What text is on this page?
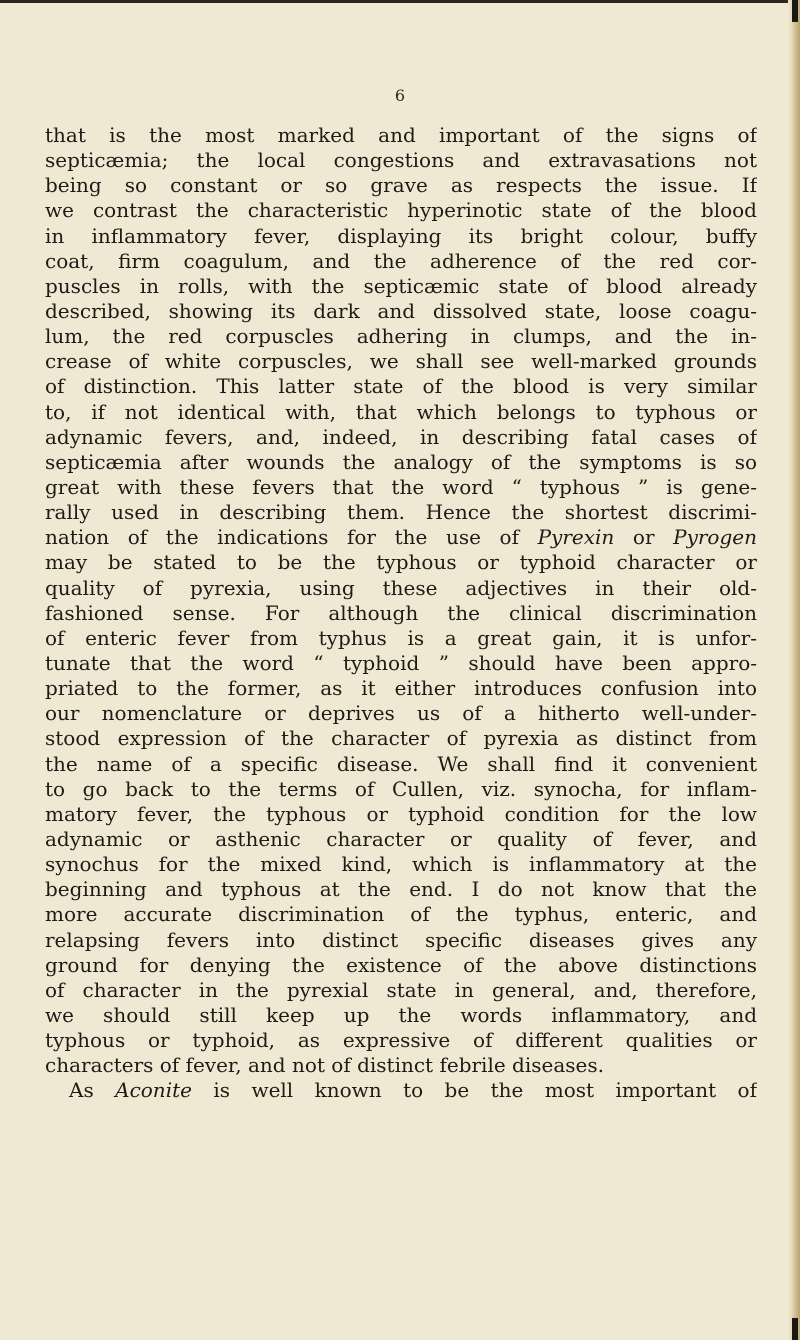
6
that is the most marked and important of the signs of
septicæmia; the local congestions and extravasations not
being so constant or so grave as respects the issue. If
we contrast the characteristic hyperinotic state of the blood
in inflammatory fever, displaying its bright colour, buffy
coat, firm coagulum, and the adherence of the red cor-
puscles in rolls, with the septicæmic state of blood already
described, showing its dark and dissolved state, loose coagu-
lum, the red corpuscles adhering in clumps, and the in-
crease of white corpuscles, we shall see well-marked grounds
of distinction. This latter state of the blood is very similar
to, if not identical with, that which belongs to typhous or
adynamic fevers, and, indeed, in describing fatal cases of
septicæmia after wounds the analogy of the symptoms is so
great with these fevers that the word “ typhous ” is gene-
rally used in describing them. Hence the shortest discrimi-
nation of the indications for the use of Pyrexin or Pyrogen
may be stated to be the typhous or typhoid character or
quality of pyrexia, using these adjectives in their old-
fashioned sense. For although the clinical discrimination
of enteric fever from typhus is a great gain, it is unfor-
tunate that the word “ typhoid ” should have been appro-
priated to the former, as it either introduces confusion into
our nomenclature or deprives us of a hitherto well-under-
stood expression of the character of pyrexia as distinct from
the name of a specific disease. We shall find it convenient
to go back to the terms of Cullen, viz. synocha, for inflam-
matory fever, the typhous or typhoid condition for the low
adynamic or asthenic character or quality of fever, and
synochus for the mixed kind, which is inflammatory at the
beginning and typhous at the end. I do not know that the
more accurate discrimination of the typhus, enteric, and
relapsing fevers into distinct specific diseases gives any
ground for denying the existence of the above distinctions
of character in the pyrexial state in general, and, therefore,
we should still keep up the words inflammatory, and
typhous or typhoid, as expressive of different qualities or
characters of fever, and not of distinct febrile diseases.
As Aconite is well known to be the most important of
